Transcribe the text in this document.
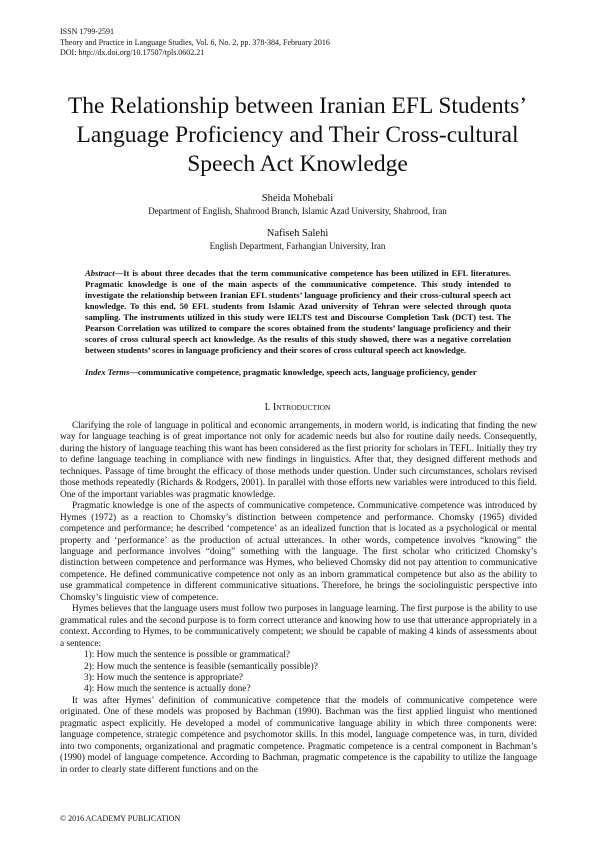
ISSN 1799-2591
Theory and Practice in Language Studies, Vol. 6, No. 2, pp. 378-384, February 2016
DOI: http://dx.doi.org/10.17507/tpls.0602.21
The Relationship between Iranian EFL Students’
Language Proficiency and Their Cross-cultural
Speech Act Knowledge
Sheida Mohebali
Department of English, Shahrood Branch, Islamic Azad University, Shahrood, Iran
Nafiseh Salehi
English Department, Farhangian University, Iran
Abstract—It is about three decades that the term communicative competence has been utilized in EFL literatures. Pragmatic knowledge is one of the main aspects of the communicative competence. This study intended to investigate the relationship between Iranian EFL students’ language proficiency and their cross-cultural speech act knowledge. To this end, 50 EFL students from Islamic Azad university of Tehran were selected through quota sampling. The instruments utilized in this study were IELTS test and Discourse Completion Task (DCT) test. The Pearson Correlation was utilized to compare the scores obtained from the students’ language proficiency and their scores of cross cultural speech act knowledge. As the results of this study showed, there was a negative correlation between students’ scores in language proficiency and their scores of cross cultural speech act knowledge.
Index Terms—communicative competence, pragmatic knowledge, speech acts, language proficiency, gender
I. INTRODUCTION

Clarifying the role of language in political and economic arrangements, in modern world, is indicating that finding the new way for language teaching is of great importance not only for academic needs but also for routine daily needs. Consequently, during the history of language teaching this want has been considered as the first priority for scholars in TEFL. Initially they try to define language teaching in compliance with new findings in linguistics. After that, they designed different methods and techniques. Passage of time brought the efficacy of those methods under question. Under such circumstances, scholars revised those methods repeatedly (Richards & Rodgers, 2001). In parallel with those efforts new variables were introduced to this field. One of the important variables was pragmatic knowledge.

Pragmatic knowledge is one of the aspects of communicative competence. Communicative competence was introduced by Hymes (1972) as a reaction to Chomsky’s distinction between competence and performance. Chomsky (1965) divided competence and performance; he described ‘competence’ as an idealized function that is located as a psychological or mental property and ‘performance’ as the production of actual utterances. In other words, competence involves “knowing” the language and performance involves “doing” something with the language. The first scholar who criticized Chomsky’s distinction between competence and performance was Hymes, who believed Chomsky did not pay attention to communicative competence. He defined communicative competence not only as an inborn grammatical competence but also as the ability to use grammatical competence in different communicative situations. Therefore, he brings the sociolinguistic perspective into Chomsky’s linguistic view of competence.

Hymes believes that the language users must follow two purposes in language learning. The first purpose is the ability to use grammatical rules and the second purpose is to form correct utterance and knowing how to use that utterance appropriately in a context. According to Hymes, to be communicatively competent; we should be capable of making 4 kinds of assessments about a sentence:

1): How much the sentence is possible or grammatical?

2): How much the sentence is feasible (semantically possible)?

3): How much the sentence is appropriate?

4): How much the sentence is actually done?

It was after Hymes’ definition of communicative competence that the models of communicative competence were originated. One of these models was proposed by Bachman (1990). Bachman was the first applied linguist who mentioned pragmatic aspect explicitly. He developed a model of communicative language ability in which three components were: language competence, strategic competence and psychomotor skills. In this model, language competence was, in turn, divided into two components, organizational and pragmatic competence. Pragmatic competence is a central component in Bachman’s (1990) model of language competence. According to Bachman, pragmatic competence is the capability to utilize the language in order to clearly state different functions and on the

© 2016 ACADEMY PUBLICATION
